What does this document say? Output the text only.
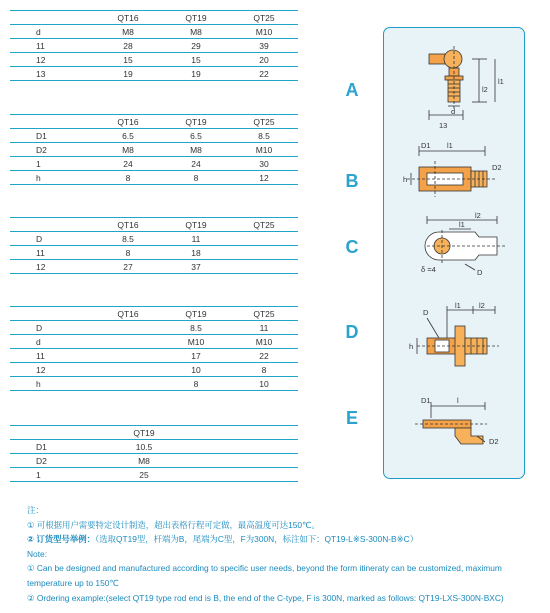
	QT16	QT19	QT25
d	M8	M8	M10
11	28	29	39
12	15	15	20
13	19	19	22
	QT16	QT19	QT25
D1	6.5	6.5	8.5
D2	M8	M8	M10
1	24	24	30
h	8	8	12
	QT16	QT19	QT25
D	8.5	11	
11	8	18	
12	27	37	
	QT16	QT19	QT25
D		8.5	11
d		M10	M10
11		17	22
12		10	8
h		8	10
	QT19	
D1	10.5	
D2	M8	
1	25	
A
B
C
D
E
l2
l1
d
13
D1 l1
D2
h
l1
l2
δ =4	D
D
l1 l2
h
D1	l
D2
注：
① 可根据用户需要特定设计制造，超出表格行程可定做，最高温度可达150℃。
② 订货型号举例：（选取QT19型，杆端为B，尾端为C型，F为300N，标注如下：QT19-L※S-300N-B※C）
Note:
① Can be designed and manufactured according to specific user needs, beyond the form itineraty can be customized, maximum temperature up to 150℃
② Ordering example:(select QT19 type rod end is B, the end of the C-type, F is 300N, marked as follows: QT19-LXS-300N-BXC)
